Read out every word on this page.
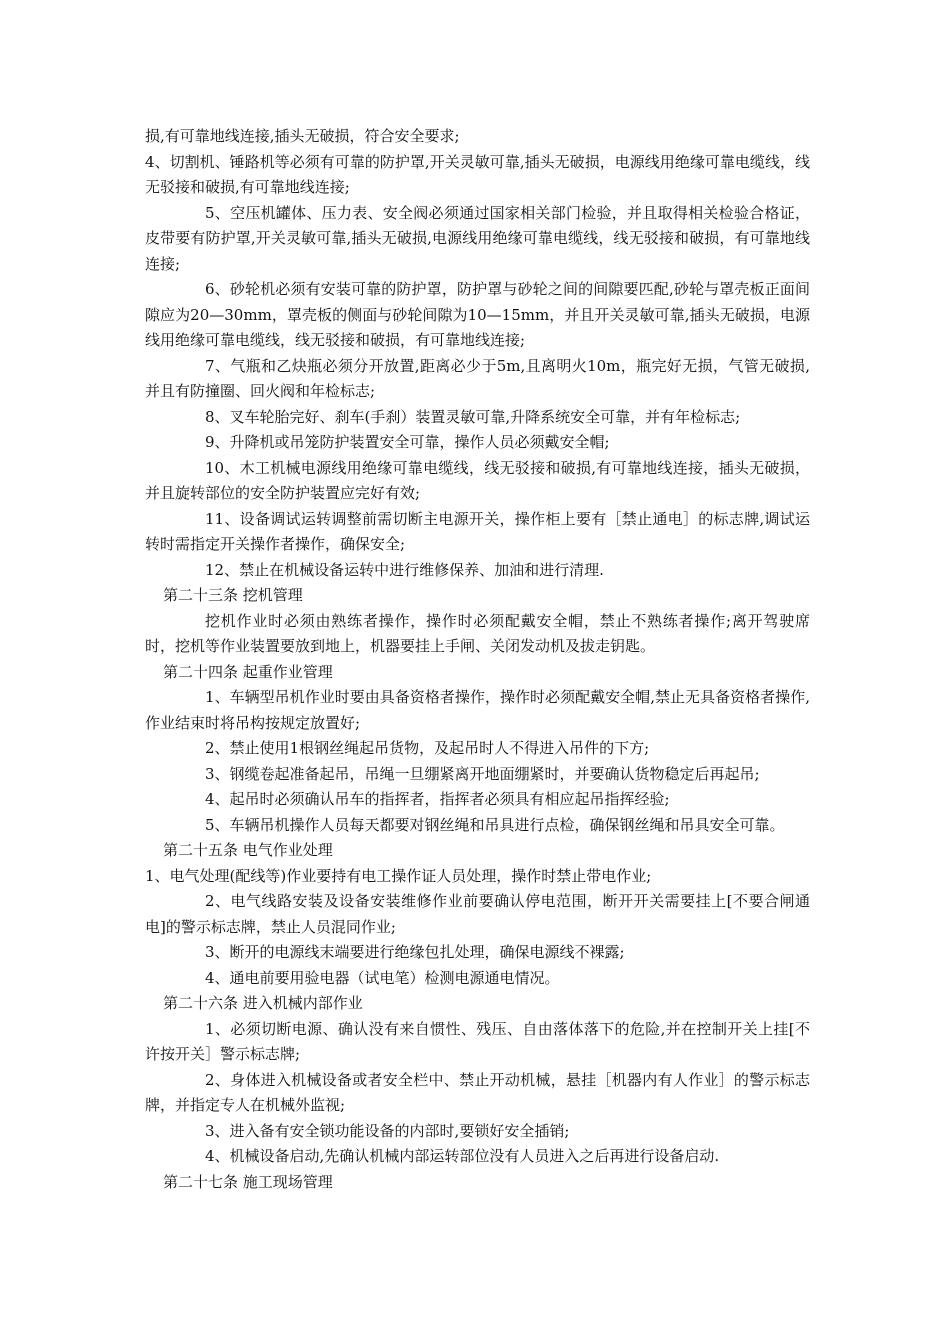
损,有可靠地线连接,插头无破损，符合安全要求;

4、切割机、锤路机等必须有可靠的防护罩,开关灵敏可靠,插头无破损，电源线用绝缘可靠电缆线，线无驳接和破损,有可靠地线连接;

5、空压机罐体、压力表、安全阀必须通过国家相关部门检验，并且取得相关检验合格证，皮带要有防护罩,开关灵敏可靠,插头无破损,电源线用绝缘可靠电缆线，线无驳接和破损，有可靠地线连接;

6、砂轮机必须有安装可靠的防护罩，防护罩与砂轮之间的间隙要匹配,砂轮与罩壳板正面间隙应为20—30mm，罩壳板的侧面与砂轮间隙为10—15mm，并且开关灵敏可靠,插头无破损，电源线用绝缘可靠电缆线，线无驳接和破损，有可靠地线连接;

7、气瓶和乙炔瓶必须分开放置,距离必少于5m,且离明火10m，瓶完好无损，气管无破损,并且有防撞圈、回火阀和年检标志;

8、叉车轮胎完好、刹车(手刹）装置灵敏可靠,升降系统安全可靠，并有年检标志;

9、升降机或吊笼防护装置安全可靠，操作人员必须戴安全帽;

10、木工机械电源线用绝缘可靠电缆线，线无驳接和破损,有可靠地线连接，插头无破损，并且旋转部位的安全防护装置应完好有效;

11、设备调试运转调整前需切断主电源开关，操作柜上要有［禁止通电］的标志牌,调试运转时需指定开关操作者操作，确保安全;

12、禁止在机械设备运转中进行维修保养、加油和进行清理.

第二十三条 挖机管理

挖机作业时必须由熟练者操作，操作时必须配戴安全帽，禁止不熟练者操作;离开驾驶席时，挖机等作业装置要放到地上，机器要挂上手闸、关闭发动机及拔走钥匙。

第二十四条 起重作业管理

1、车辆型吊机作业时要由具备资格者操作，操作时必须配戴安全帽,禁止无具备资格者操作,作业结束时将吊构按规定放置好;

2、禁止使用1根钢丝绳起吊货物，及起吊时人不得进入吊件的下方;

3、钢缆卷起准备起吊，吊绳一旦绷紧离开地面绷紧时，并要确认货物稳定后再起吊;

4、起吊时必须确认吊车的指挥者，指挥者必须具有相应起吊指挥经验;

5、车辆吊机操作人员每天都要对钢丝绳和吊具进行点检，确保钢丝绳和吊具安全可靠。

第二十五条 电气作业处理

1、电气处理(配线等)作业要持有电工操作证人员处理，操作时禁止带电作业;

2、电气线路安装及设备安装维修作业前要确认停电范围，断开开关需要挂上[不要合闸通电]的警示标志牌，禁止人员混同作业;

3、断开的电源线末端要进行绝缘包扎处理，确保电源线不裸露;

4、通电前要用验电器（试电笔）检测电源通电情况。

第二十六条 进入机械内部作业

1、必须切断电源、确认没有来自惯性、残压、自由落体落下的危险,并在控制开关上挂[不许按开关］警示标志牌;

2、身体进入机械设备或者安全栏中、禁止开动机械，悬挂［机器内有人作业］的警示标志牌，并指定专人在机械外监视;

3、进入备有安全锁功能设备的内部时,要锁好安全插销;

4、机械设备启动,先确认机械内部运转部位没有人员进入之后再进行设备启动.

第二十七条 施工现场管理
